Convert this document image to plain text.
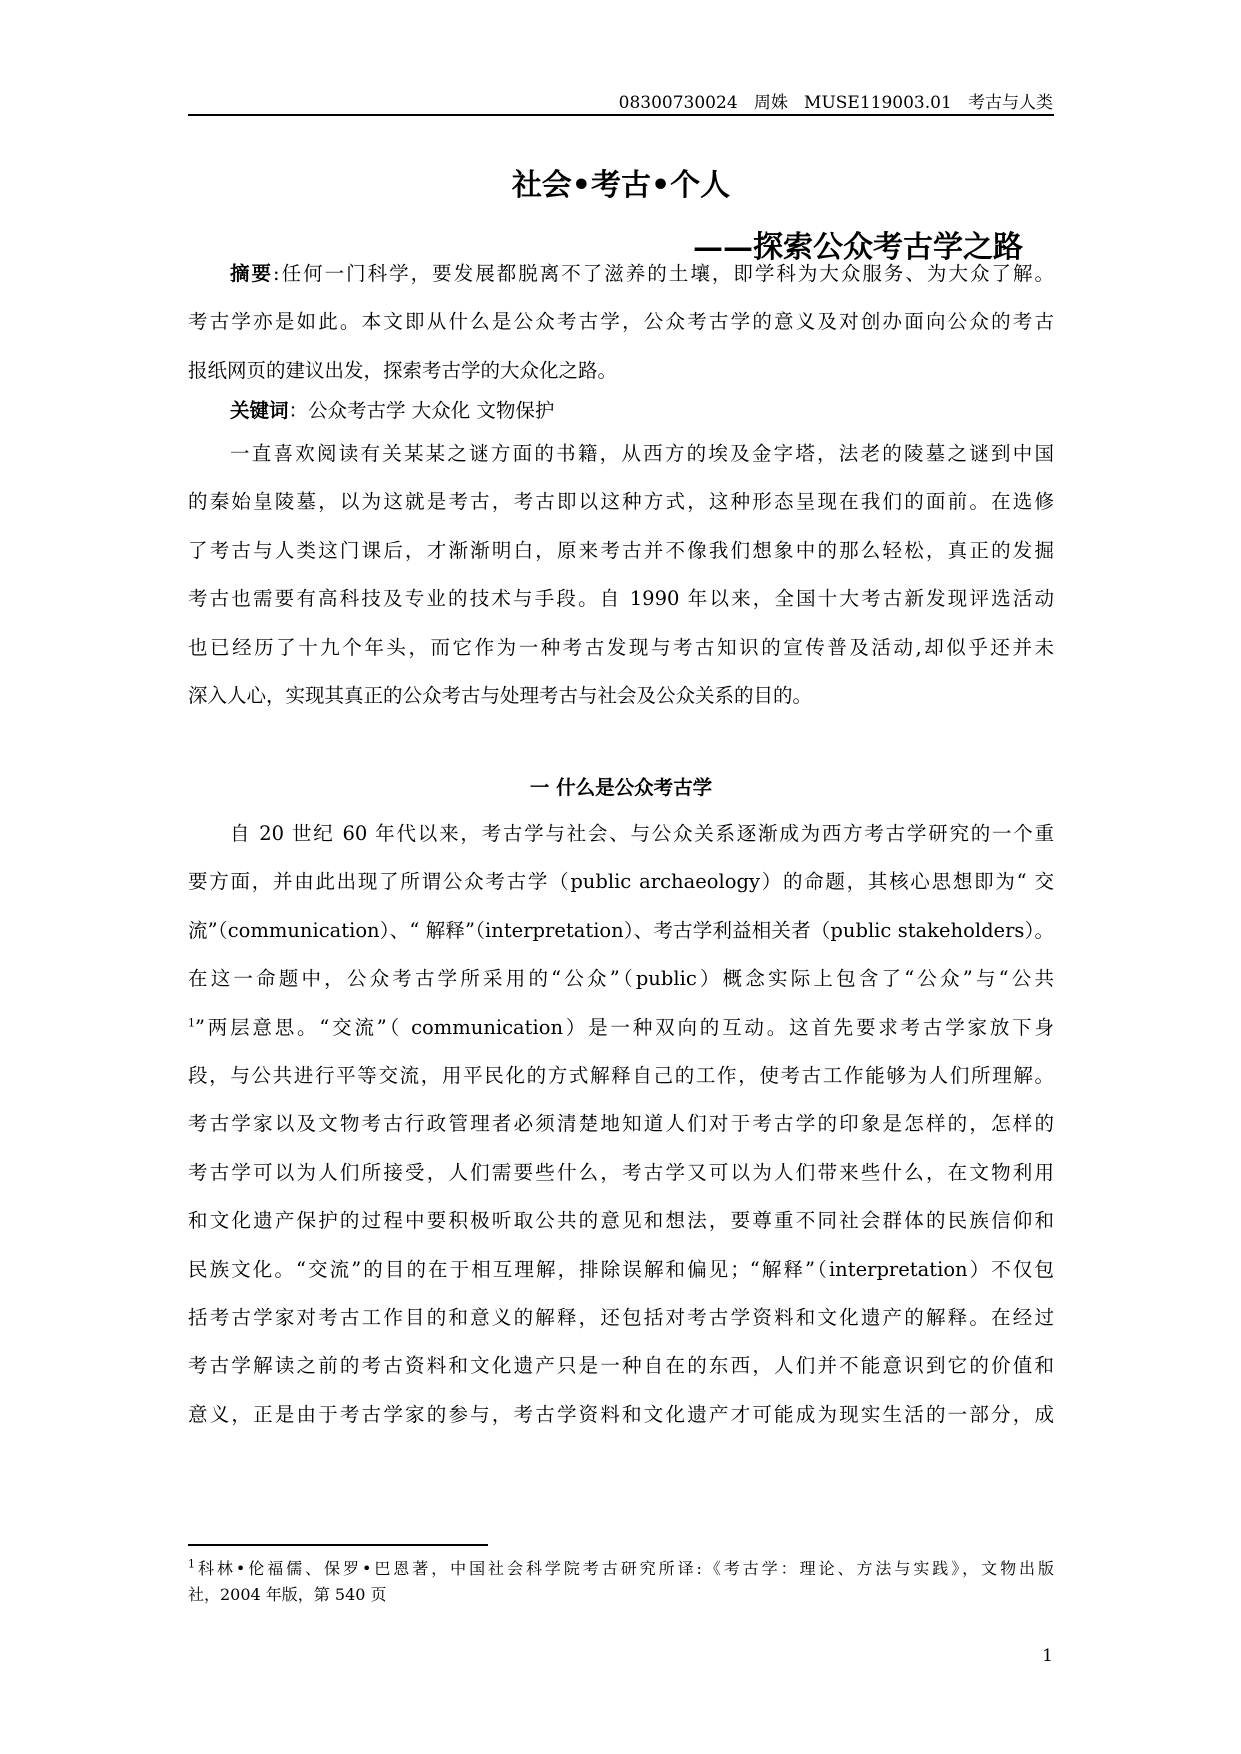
08300730024   周姝   MUSE119003.01   考古与人类
社会•考古•个人
——探索公众考古学之路
摘要:任何一门科学，要发展都脱离不了滋养的土壤，即学科为大众服务、为大众了解。
考古学亦是如此。本文即从什么是公众考古学，公众考古学的意义及对创办面向公众的考古
报纸网页的建议出发，探索考古学的大众化之路。
关键词：公众考古学 大众化 文物保护
一直喜欢阅读有关某某之谜方面的书籍，从西方的埃及金字塔，法老的陵墓之谜到中国
的秦始皇陵墓，以为这就是考古，考古即以这种方式，这种形态呈现在我们的面前。在选修
了考古与人类这门课后，才渐渐明白，原来考古并不像我们想象中的那么轻松，真正的发掘
考古也需要有高科技及专业的技术与手段。自 1990 年以来，全国十大考古新发现评选活动
也已经历了十九个年头，而它作为一种考古发现与考古知识的宣传普及活动,却似乎还并未
深入人心，实现其真正的公众考古与处理考古与社会及公众关系的目的。
一 什么是公众考古学
自 20 世纪 60 年代以来，考古学与社会、与公众关系逐渐成为西方考古学研究的一个重
要方面，并由此出现了所谓公众考古学（public archaeology）的命题，其核心思想即为“ 交
流”（communication）、“ 解释”（interpretation）、考古学利益相关者（public stakeholders）。
在这一命题中，公众考古学所采用的“公众”（public）概念实际上包含了“公众”与“公共
$^1$”两层意思。“交流”（ communication）是一种双向的互动。这首先要求考古学家放下身
段，与公共进行平等交流，用平民化的方式解释自己的工作，使考古工作能够为人们所理解。
考古学家以及文物考古行政管理者必须清楚地知道人们对于考古学的印象是怎样的，怎样的
考古学可以为人们所接受，人们需要些什么，考古学又可以为人们带来些什么，在文物利用
和文化遗产保护的过程中要积极听取公共的意见和想法，要尊重不同社会群体的民族信仰和
民族文化。“交流”的目的在于相互理解，排除误解和偏见；“解释”（interpretation）不仅包
括考古学家对考古工作目的和意义的解释，还包括对考古学资料和文化遗产的解释。在经过
考古学解读之前的考古资料和文化遗产只是一种自在的东西，人们并不能意识到它的价值和
意义，正是由于考古学家的参与，考古学资料和文化遗产才可能成为现实生活的一部分，成
$^1$科林•伦福儒、保罗•巴恩著，中国社会科学院考古研究所译:《考古学：理论、方法与实践》，文物出版
社，2004 年版，第 540 页
1
